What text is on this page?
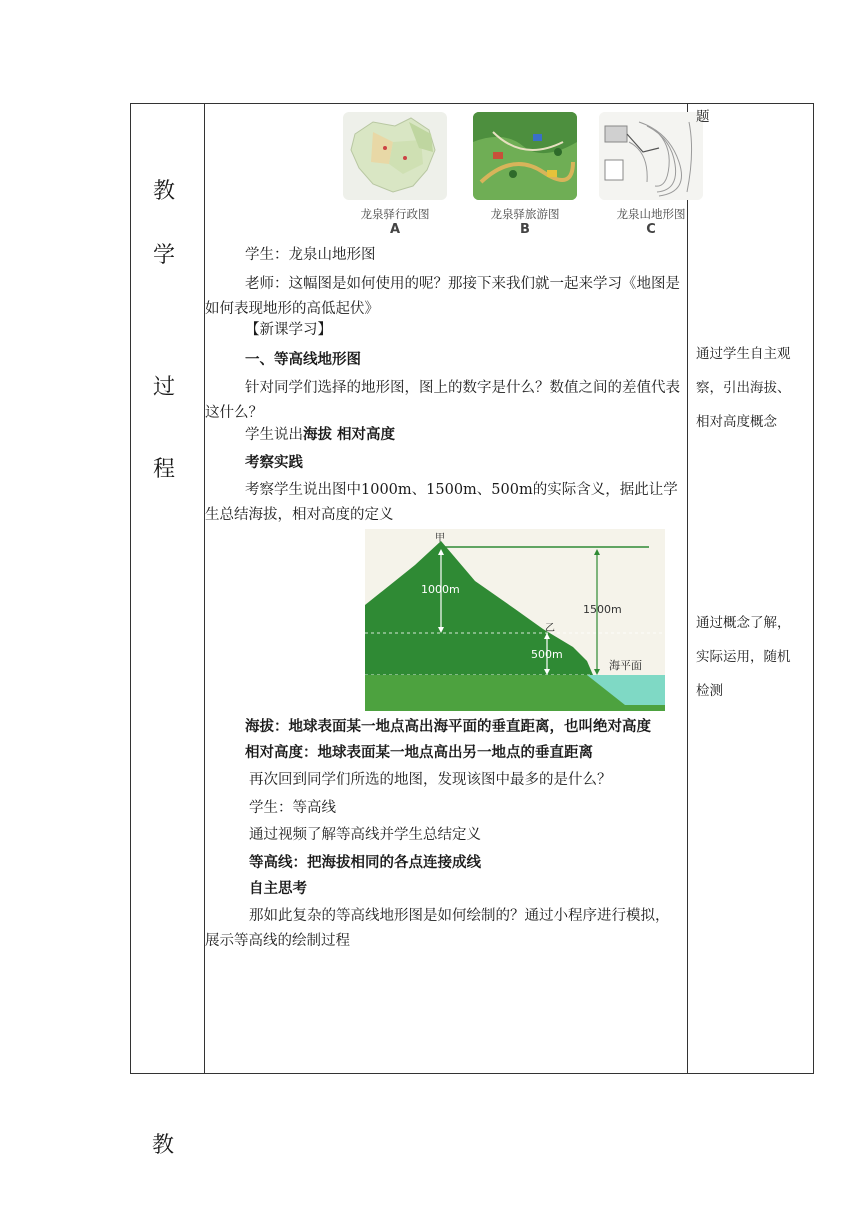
教
学
过
程
龙泉驿行政图	龙泉驿旅游图	龙泉山地形图
A	B	C
学生：龙泉山地形图
老师：这幅图是如何使用的呢？那接下来我们就一起来学习《地图是如何表现地形的高低起伏》
【新课学习】
一、等高线地形图
针对同学们选择的地形图，图上的数字是什么？数值之间的差值代表这什么？
学生说出海拔 相对高度
考察实践
考察学生说出图中1000m、1500m、500m的实际含义，据此让学生总结海拔，相对高度的定义
甲
乙
1000m
1500m
500m
海平面
海拔：地球表面某一地点高出海平面的垂直距离，也叫绝对高度
相对高度：地球表面某一地点高出另一地点的垂直距离
再次回到同学们所选的地图，发现该图中最多的是什么？
学生：等高线
通过视频了解等高线并学生总结定义
等高线：把海拔相同的各点连接成线
自主思考
那如此复杂的等高线地形图是如何绘制的？通过小程序进行模拟，展示等高线的绘制过程
题
通过学生自主观
察，引出海拔、
相对高度概念
通过概念了解，
实际运用，随机
检测
教
